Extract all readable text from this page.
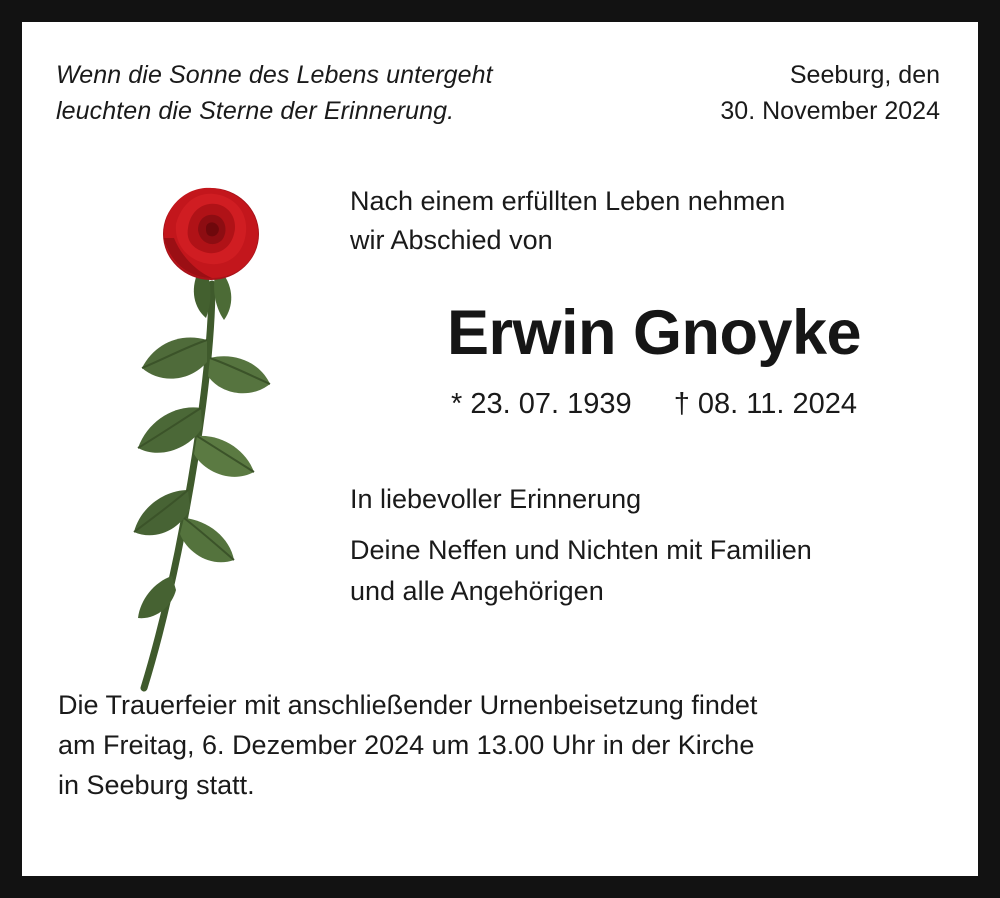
Wenn die Sonne des Lebens untergeht
leuchten die Sterne der Erinnerung.
Seeburg, den
30. November 2024
Nach einem erfüllten Leben nehmen
wir Abschied von
Erwin Gnoyke
* 23. 07. 1939 † 08. 11. 2024
In liebevoller Erinnerung
Deine Neffen und Nichten mit Familien
und alle Angehörigen
Die Trauerfeier mit anschließender Urnenbeisetzung findet
am Freitag, 6. Dezember 2024 um 13.00 Uhr in der Kirche
in Seeburg statt.
